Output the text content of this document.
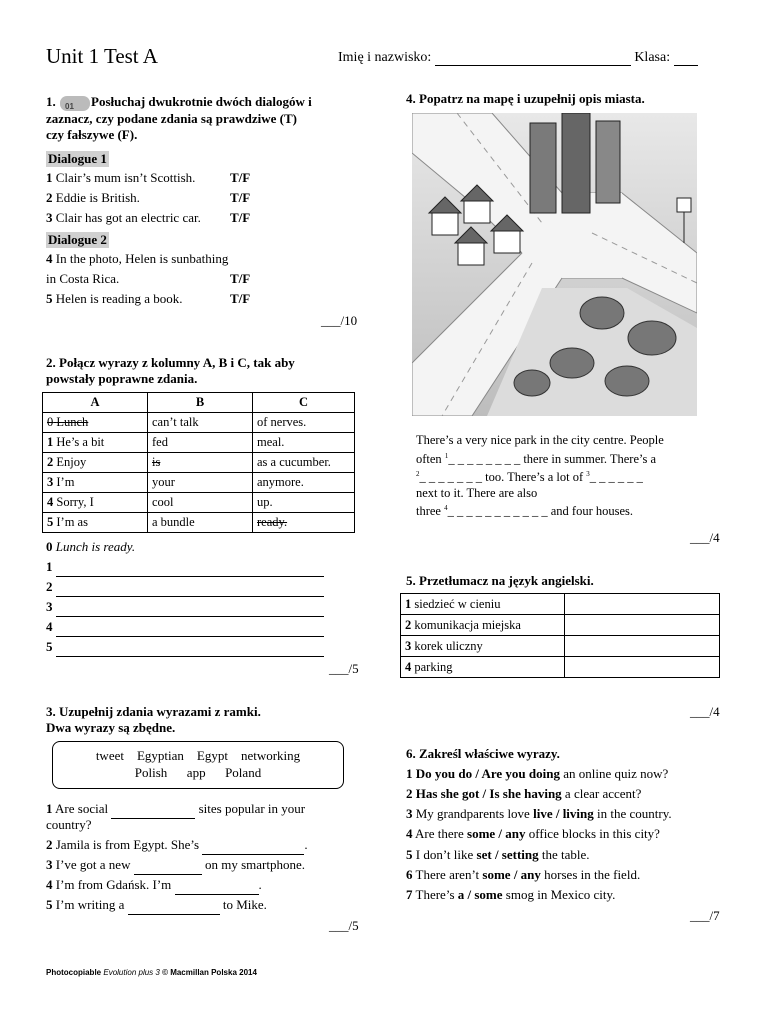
Unit 1 Test A	Imię i nazwisko:	Klasa:
1. 01 Posłuchaj dwukrotnie dwóch dialogów i
zaznacz, czy podane zdania są prawdziwe (T)
czy fałszywe (F).
Dialogue 1
1 Clair’s mum isn’t Scottish.	T/F
2 Eddie is British.	T/F
3 Clair has got an electric car. T/F
Dialogue 2
4 In the photo, Helen is sunbathing
in Costa Rica.	T/F
5 Helen is reading a book.	T/F
___/10
2. Połącz wyrazy z kolumny A, B i C, tak aby
powstały poprawne zdania.
A	B	C
0 Lunch	can’t talk	of nerves.
1 He’s a bit	fed	meal.
2 Enjoy	is	as a cucumber.
3 I’m	your	anymore.
4 Sorry, I	cool	up.
5 I’m as	a bundle	ready.
0 Lunch is ready.
1
2
3
4
5
___/5
3. Uzupełnij zdania wyrazami z ramki.
Dwa wyrazy są zbędne.
tweet    Egyptian    Egypt    networking
Polish      app      Poland
1 Are social	sites popular in your
country?
2 Jamila is from Egypt. She’s	.
3 I’ve got a new	on my smartphone.
4 I’m from Gdańsk. I’m	.
5 I’m writing a	to Mike.
___/5
4. Popatrz na mapę i uzupełnij opis miasta.
There’s a very nice park in the city centre. People
often $^1$_ _ _ _ _ _ _ _ there in summer. There’s a
$^2$_ _ _ _ _ _ _ too. There’s a lot of $^3$_ _ _ _ _ _
next to it. There are also
three $^4$_ _ _ _ _ _ _ _ _ _ _ and four houses.
___/4
5. Przetłumacz na język angielski.
1 siedzieć w cieniu	
2 komunikacja miejska	
3 korek uliczny	
4 parking	
___/4
6. Zakreśl właściwe wyrazy.
1 Do you do / Are you doing an online quiz now?
2 Has she got / Is she having a clear accent?
3 My grandparents love live / living in the country.
4 Are there some / any office blocks in this city?
5 I don’t like set / setting the table.
6 There aren’t some / any horses in the field.
7 There’s a / some smog in Mexico city.
___/7
Photocopiable Evolution plus 3 © Macmillan Polska 2014
